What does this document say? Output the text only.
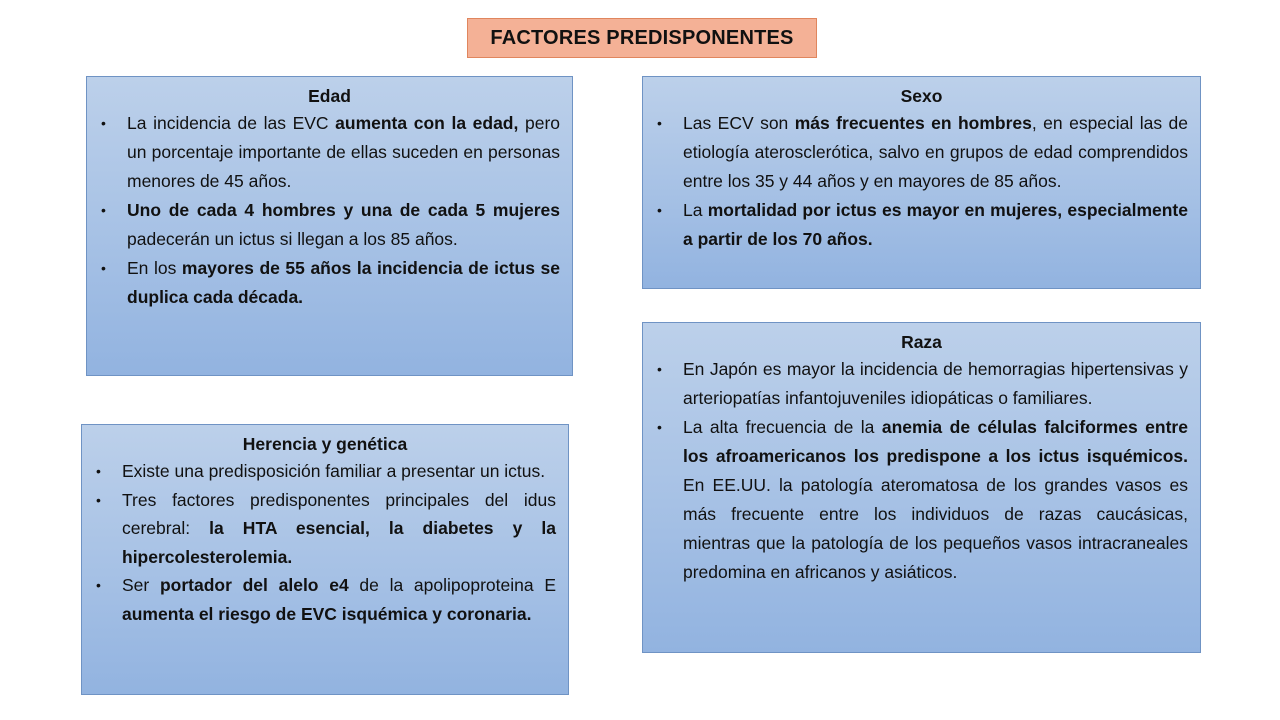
FACTORES PREDISPONENTES
Edad
• La incidencia de las EVC aumenta con la edad, pero un porcentaje importante de ellas suceden en personas menores de 45 años.
• Uno de cada 4 hombres y una de cada 5 mujeres padecerán un ictus si llegan a los 85 años.
• En los mayores de 55 años la incidencia de ictus se duplica cada década.
Sexo
• Las ECV son más frecuentes en hombres, en especial las de etiología aterosclerótica, salvo en grupos de edad comprendidos entre los 35 y 44 años y en mayores de 85 años.
• La mortalidad por ictus es mayor en mujeres, especialmente a partir de los 70 años.
Herencia y genética
• Existe una predisposición familiar a presentar un ictus.
• Tres factores predisponentes principales del idus cerebral: la HTA esencial, la diabetes y la hipercolesterolemia.
• Ser portador del alelo e4 de la apolipoproteina E aumenta el riesgo de EVC isquémica y coronaria.
Raza
• En Japón es mayor la incidencia de hemorragias hipertensivas y arteriopatías infantojuveniles idiopáticas o familiares.
• La alta frecuencia de la anemia de células falciformes entre los afroamericanos los predispone a los ictus isquémicos. En EE.UU. la patología ateromatosa de los grandes vasos es más frecuente entre los individuos de razas caucásicas, mientras que la patología de los pequeños vasos intracraneales predomina en africanos y asiáticos.
